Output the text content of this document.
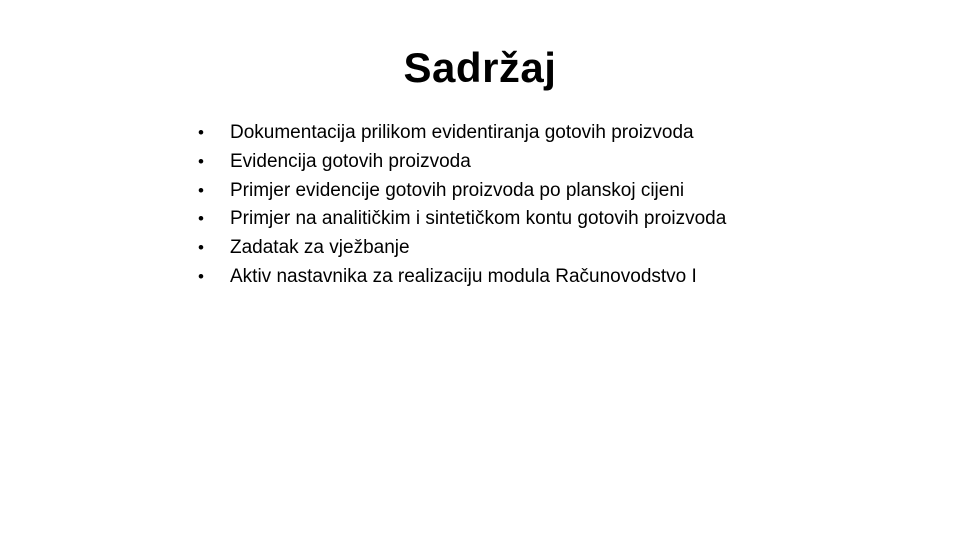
Sadržaj
•	Dokumentacija prilikom evidentiranja gotovih proizvoda
•	Evidencija gotovih proizvoda
•	Primjer evidencije gotovih proizvoda po planskoj cijeni
•	Primjer na analitičkim i sintetičkom kontu gotovih proizvoda
•	Zadatak za vježbanje
•	Aktiv nastavnika za realizaciju modula Računovodstvo I
